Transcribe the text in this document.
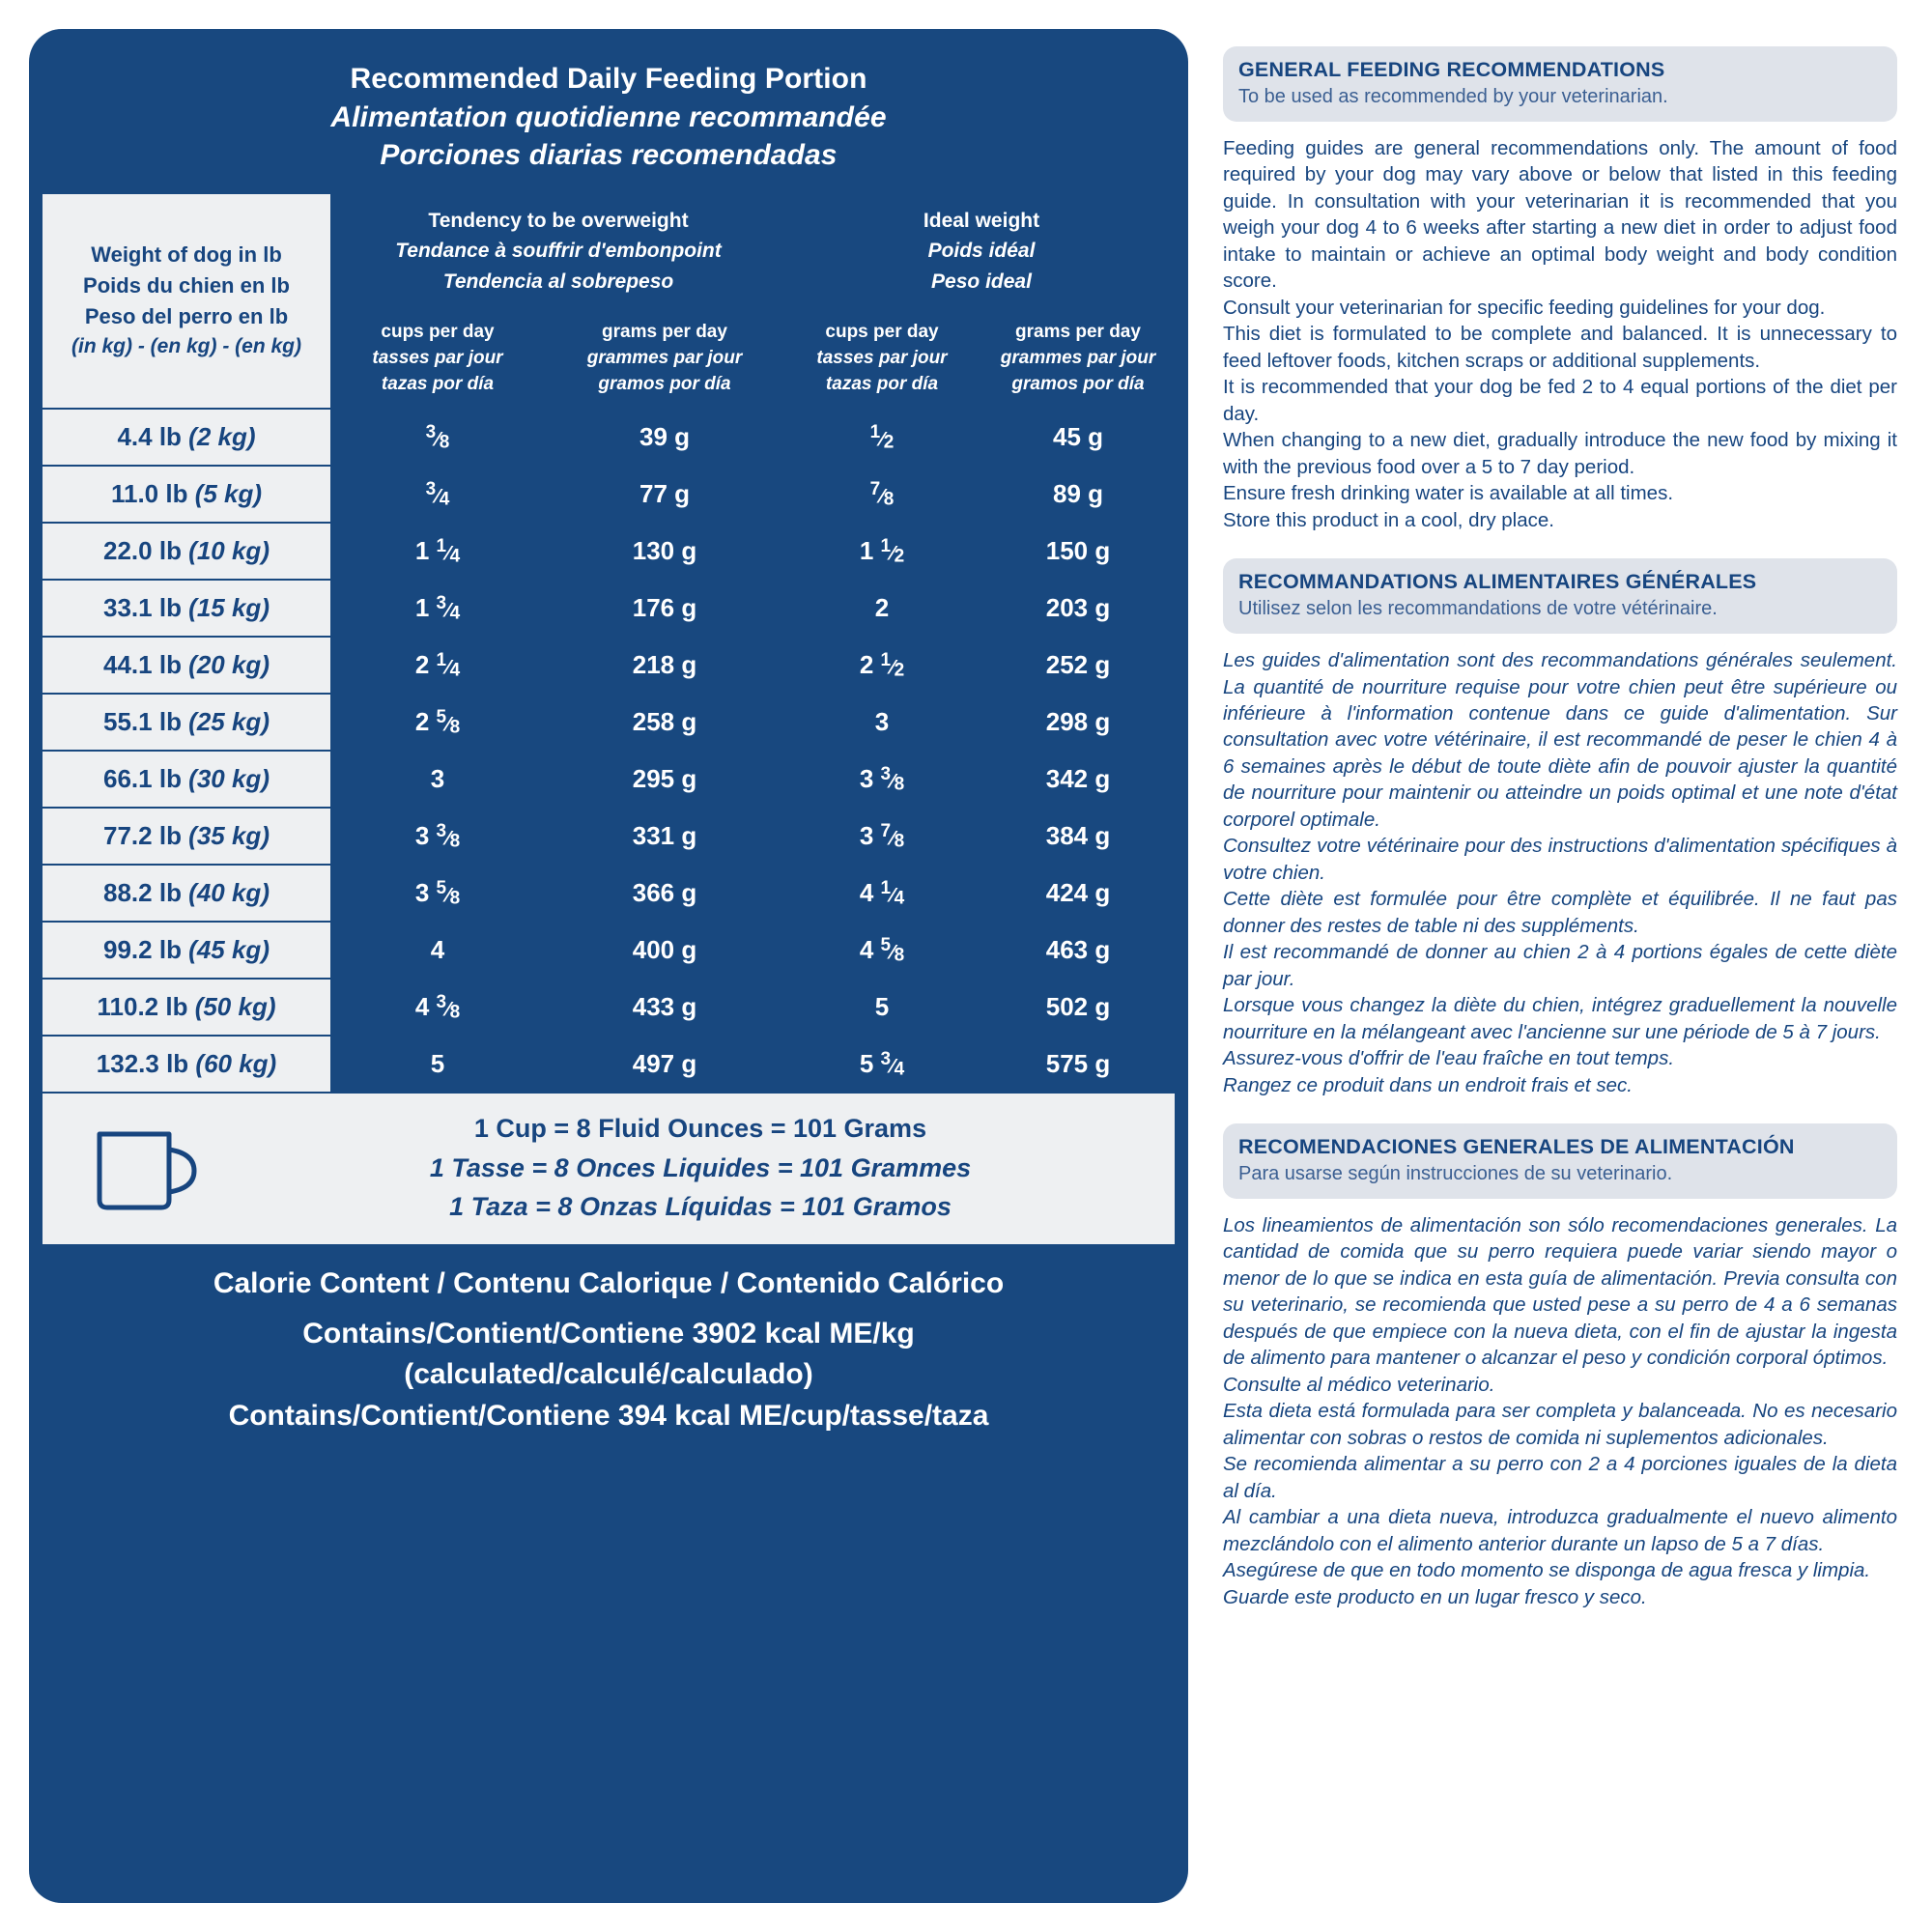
Recommended Daily Feeding Portion
Alimentation quotidienne recommandée
Porciones diarias recomendadas
Weight of dog in lb
Poids du chien en lb
Peso del perro en lb
(in kg) - (en kg) - (en kg)

Tendency to be overweight
Tendance à souffrir d'embonpoint
Tendencia al sobrepeso

Ideal weight
Poids idéal
Peso ideal

cups per day
tasses par jour
tazas por día

grams per day
grammes par jour
gramos por día

cups per day
tasses par jour
tazas por día

grams per day
grammes par jour
gramos por día

4.4 lb (2 kg)	$^3⁄_8$	39 g	$^1⁄_2$	45 g
11.0 lb (5 kg)	$^3⁄_4$	77 g	$^7⁄_8$	89 g
22.0 lb (10 kg)	1 $^1⁄_4$	130 g	1 $^1⁄_2$	150 g
33.1 lb (15 kg)	1 $^3⁄_4$	176 g	2	203 g
44.1 lb (20 kg)	2 $^1⁄_4$	218 g	2 $^1⁄_2$	252 g
55.1 lb (25 kg)	2 $^5⁄_8$	258 g	3	298 g
66.1 lb (30 kg)	3	295 g	3 $^3⁄_8$	342 g
77.2 lb (35 kg)	3 $^3⁄_8$	331 g	3 $^7⁄_8$	384 g
88.2 lb (40 kg)	3 $^5⁄_8$	366 g	4 $^1⁄_4$	424 g
99.2 lb (45 kg)	4	400 g	4 $^5⁄_8$	463 g
110.2 lb (50 kg)	4 $^3⁄_8$	433 g	5	502 g
132.3 lb (60 kg)	5	497 g	5 $^3⁄_4$	575 g
1 Cup = 8 Fluid Ounces = 101 Grams
1 Tasse = 8 Onces Liquides = 101 Grammes
1 Taza = 8 Onzas Líquidas = 101 Gramos
Calorie Content / Contenu Calorique / Contenido Calórico
Contains/Contient/Contiene 3902 kcal ME/kg
(calculated/calculé/calculado)
Contains/Contient/Contiene 394 kcal ME/cup/tasse/taza
GENERAL FEEDING RECOMMENDATIONS
To be used as recommended by your veterinarian.

Feeding guides are general recommendations only. The amount of food required by your dog may vary above or below that listed in this feeding guide. In consultation with your veterinarian it is recommended that you weigh your dog 4 to 6 weeks after starting a new diet in order to adjust food intake to maintain or achieve an optimal body weight and body condition score.

Consult your veterinarian for specific feeding guidelines for your dog.

This diet is formulated to be complete and balanced. It is unnecessary to feed leftover foods, kitchen scraps or additional supplements.

It is recommended that your dog be fed 2 to 4 equal portions of the diet per day.

When changing to a new diet, gradually introduce the new food by mixing it with the previous food over a 5 to 7 day period.

Ensure fresh drinking water is available at all times.

Store this product in a cool, dry place.

RECOMMANDATIONS ALIMENTAIRES GÉNÉRALES
Utilisez selon les recommandations de votre vétérinaire.

Les guides d'alimentation sont des recommandations générales seulement. La quantité de nourriture requise pour votre chien peut être supérieure ou inférieure à l'information contenue dans ce guide d'alimentation. Sur consultation avec votre vétérinaire, il est recommandé de peser le chien 4 à 6 semaines après le début de toute diète afin de pouvoir ajuster la quantité de nourriture pour maintenir ou atteindre un poids optimal et une note d'état corporel optimale.

Consultez votre vétérinaire pour des instructions d'alimentation spécifiques à votre chien.

Cette diète est formulée pour être complète et équilibrée. Il ne faut pas donner des restes de table ni des suppléments.

Il est recommandé de donner au chien 2 à 4 portions égales de cette diète par jour.

Lorsque vous changez la diète du chien, intégrez graduellement la nouvelle nourriture en la mélangeant avec l'ancienne sur une période de 5 à 7 jours.

Assurez-vous d'offrir de l'eau fraîche en tout temps.

Rangez ce produit dans un endroit frais et sec.

RECOMENDACIONES GENERALES DE ALIMENTACIÓN
Para usarse según instrucciones de su veterinario.

Los lineamientos de alimentación son sólo recomendaciones generales. La cantidad de comida que su perro requiera puede variar siendo mayor o menor de lo que se indica en esta guía de alimentación. Previa consulta con su veterinario, se recomienda que usted pese a su perro de 4 a 6 semanas después de que empiece con la nueva dieta, con el fin de ajustar la ingesta de alimento para mantener o alcanzar el peso y condición corporal óptimos.

Consulte al médico veterinario.

Esta dieta está formulada para ser completa y balanceada. No es necesario alimentar con sobras o restos de comida ni suplementos adicionales.

Se recomienda alimentar a su perro con 2 a 4 porciones iguales de la dieta al día.

Al cambiar a una dieta nueva, introduzca gradualmente el nuevo alimento mezclándolo con el alimento anterior durante un lapso de 5 a 7 días.

Asegúrese de que en todo momento se disponga de agua fresca y limpia.

Guarde este producto en un lugar fresco y seco.
